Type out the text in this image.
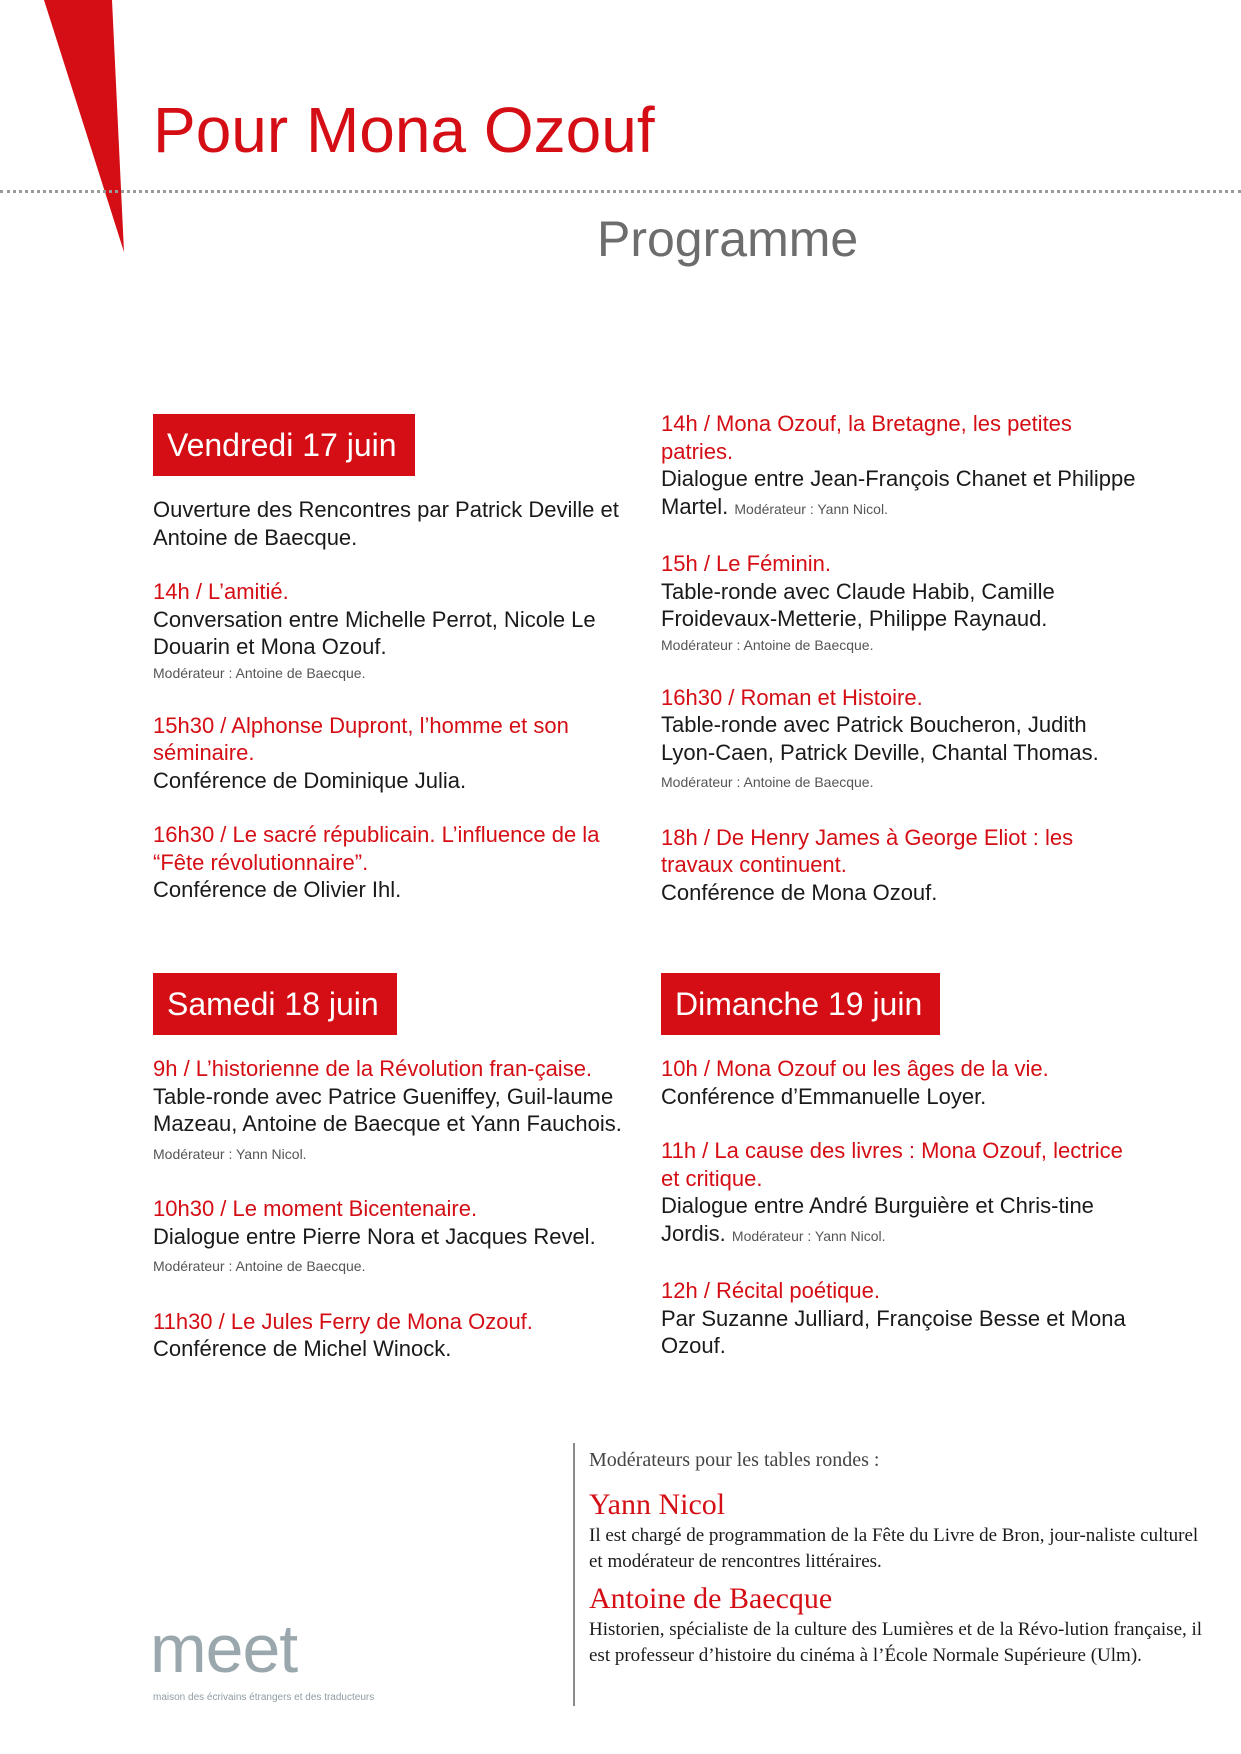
Pour Mona Ozouf
Programme
Vendredi 17 juin

Ouverture des Rencontres par Patrick Deville et Antoine de Baecque.

14h / L’amitié.

Conversation entre Michelle Perrot, Nicole Le Douarin et Mona Ozouf.

Modérateur : Antoine de Baecque.

15h30 / Alphonse Dupront, l’homme et son séminaire.

Conférence de Dominique Julia.

16h30 / Le sacré républicain. L’influence de la “Fête révolutionnaire”.

Conférence de Olivier Ihl.

14h / Mona Ozouf, la Bretagne, les petites patries.

Dialogue entre Jean-François Chanet et Philippe Martel. Modérateur : Yann Nicol.

15h / Le Féminin.

Table-ronde avec Claude Habib, Camille Froidevaux-Metterie, Philippe Raynaud.

Modérateur : Antoine de Baecque.

16h30 / Roman et Histoire.

Table-ronde avec Patrick Boucheron, Judith Lyon-Caen, Patrick Deville, Chantal Thomas. Modérateur : Antoine de Baecque.

18h / De Henry James à George Eliot : les travaux continuent.

Conférence de Mona Ozouf.

Samedi 18 juin

9h / L’historienne de la Révolution fran-çaise.

Table-ronde avec Patrice Gueniffey, Guil-laume Mazeau, Antoine de Baecque et Yann Fauchois. Modérateur : Yann Nicol.

10h30 / Le moment Bicentenaire.

Dialogue entre Pierre Nora et Jacques Revel. Modérateur : Antoine de Baecque.

11h30 / Le Jules Ferry de Mona Ozouf.

Conférence de Michel Winock.

Dimanche 19 juin

10h / Mona Ozouf ou les âges de la vie.

Conférence d’Emmanuelle Loyer.

11h / La cause des livres : Mona Ozouf, lectrice et critique.

Dialogue entre André Burguière et Chris-tine Jordis. Modérateur : Yann Nicol.

12h / Récital poétique.

Par Suzanne Julliard, Françoise Besse et Mona Ozouf.

Modérateurs pour les tables rondes :

Yann Nicol

Il est chargé de programmation de la Fête du Livre de Bron, jour-naliste culturel et modérateur de rencontres littéraires.

Antoine de Baecque

Historien, spécialiste de la culture des Lumières et de la Révo-lution française, il est professeur d’histoire du cinéma à l’École Normale Supérieure (Ulm).

meet
maison des écrivains étrangers et des traducteurs
